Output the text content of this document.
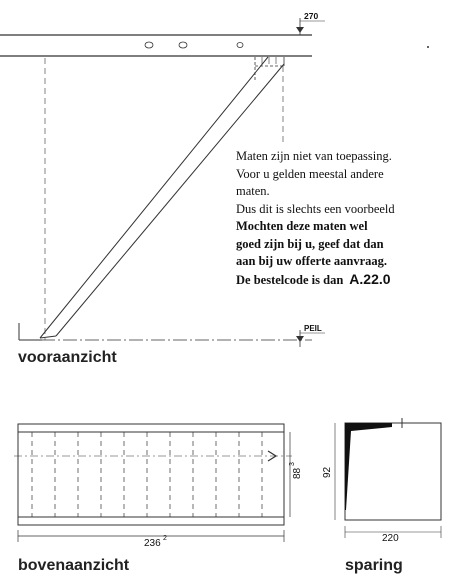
270
PEIL
236 2
88
3
92
220
Maten zijn niet van toepassing.
Voor u gelden meestal andere
maten.
Dus dit is slechts een voorbeeld
Mochten deze maten wel
goed zijn bij u, geef dat dan
aan bij uw offerte aanvraag.
De bestelcode is dan A.22.0
vooraanzicht
bovenaanzicht	sparing
